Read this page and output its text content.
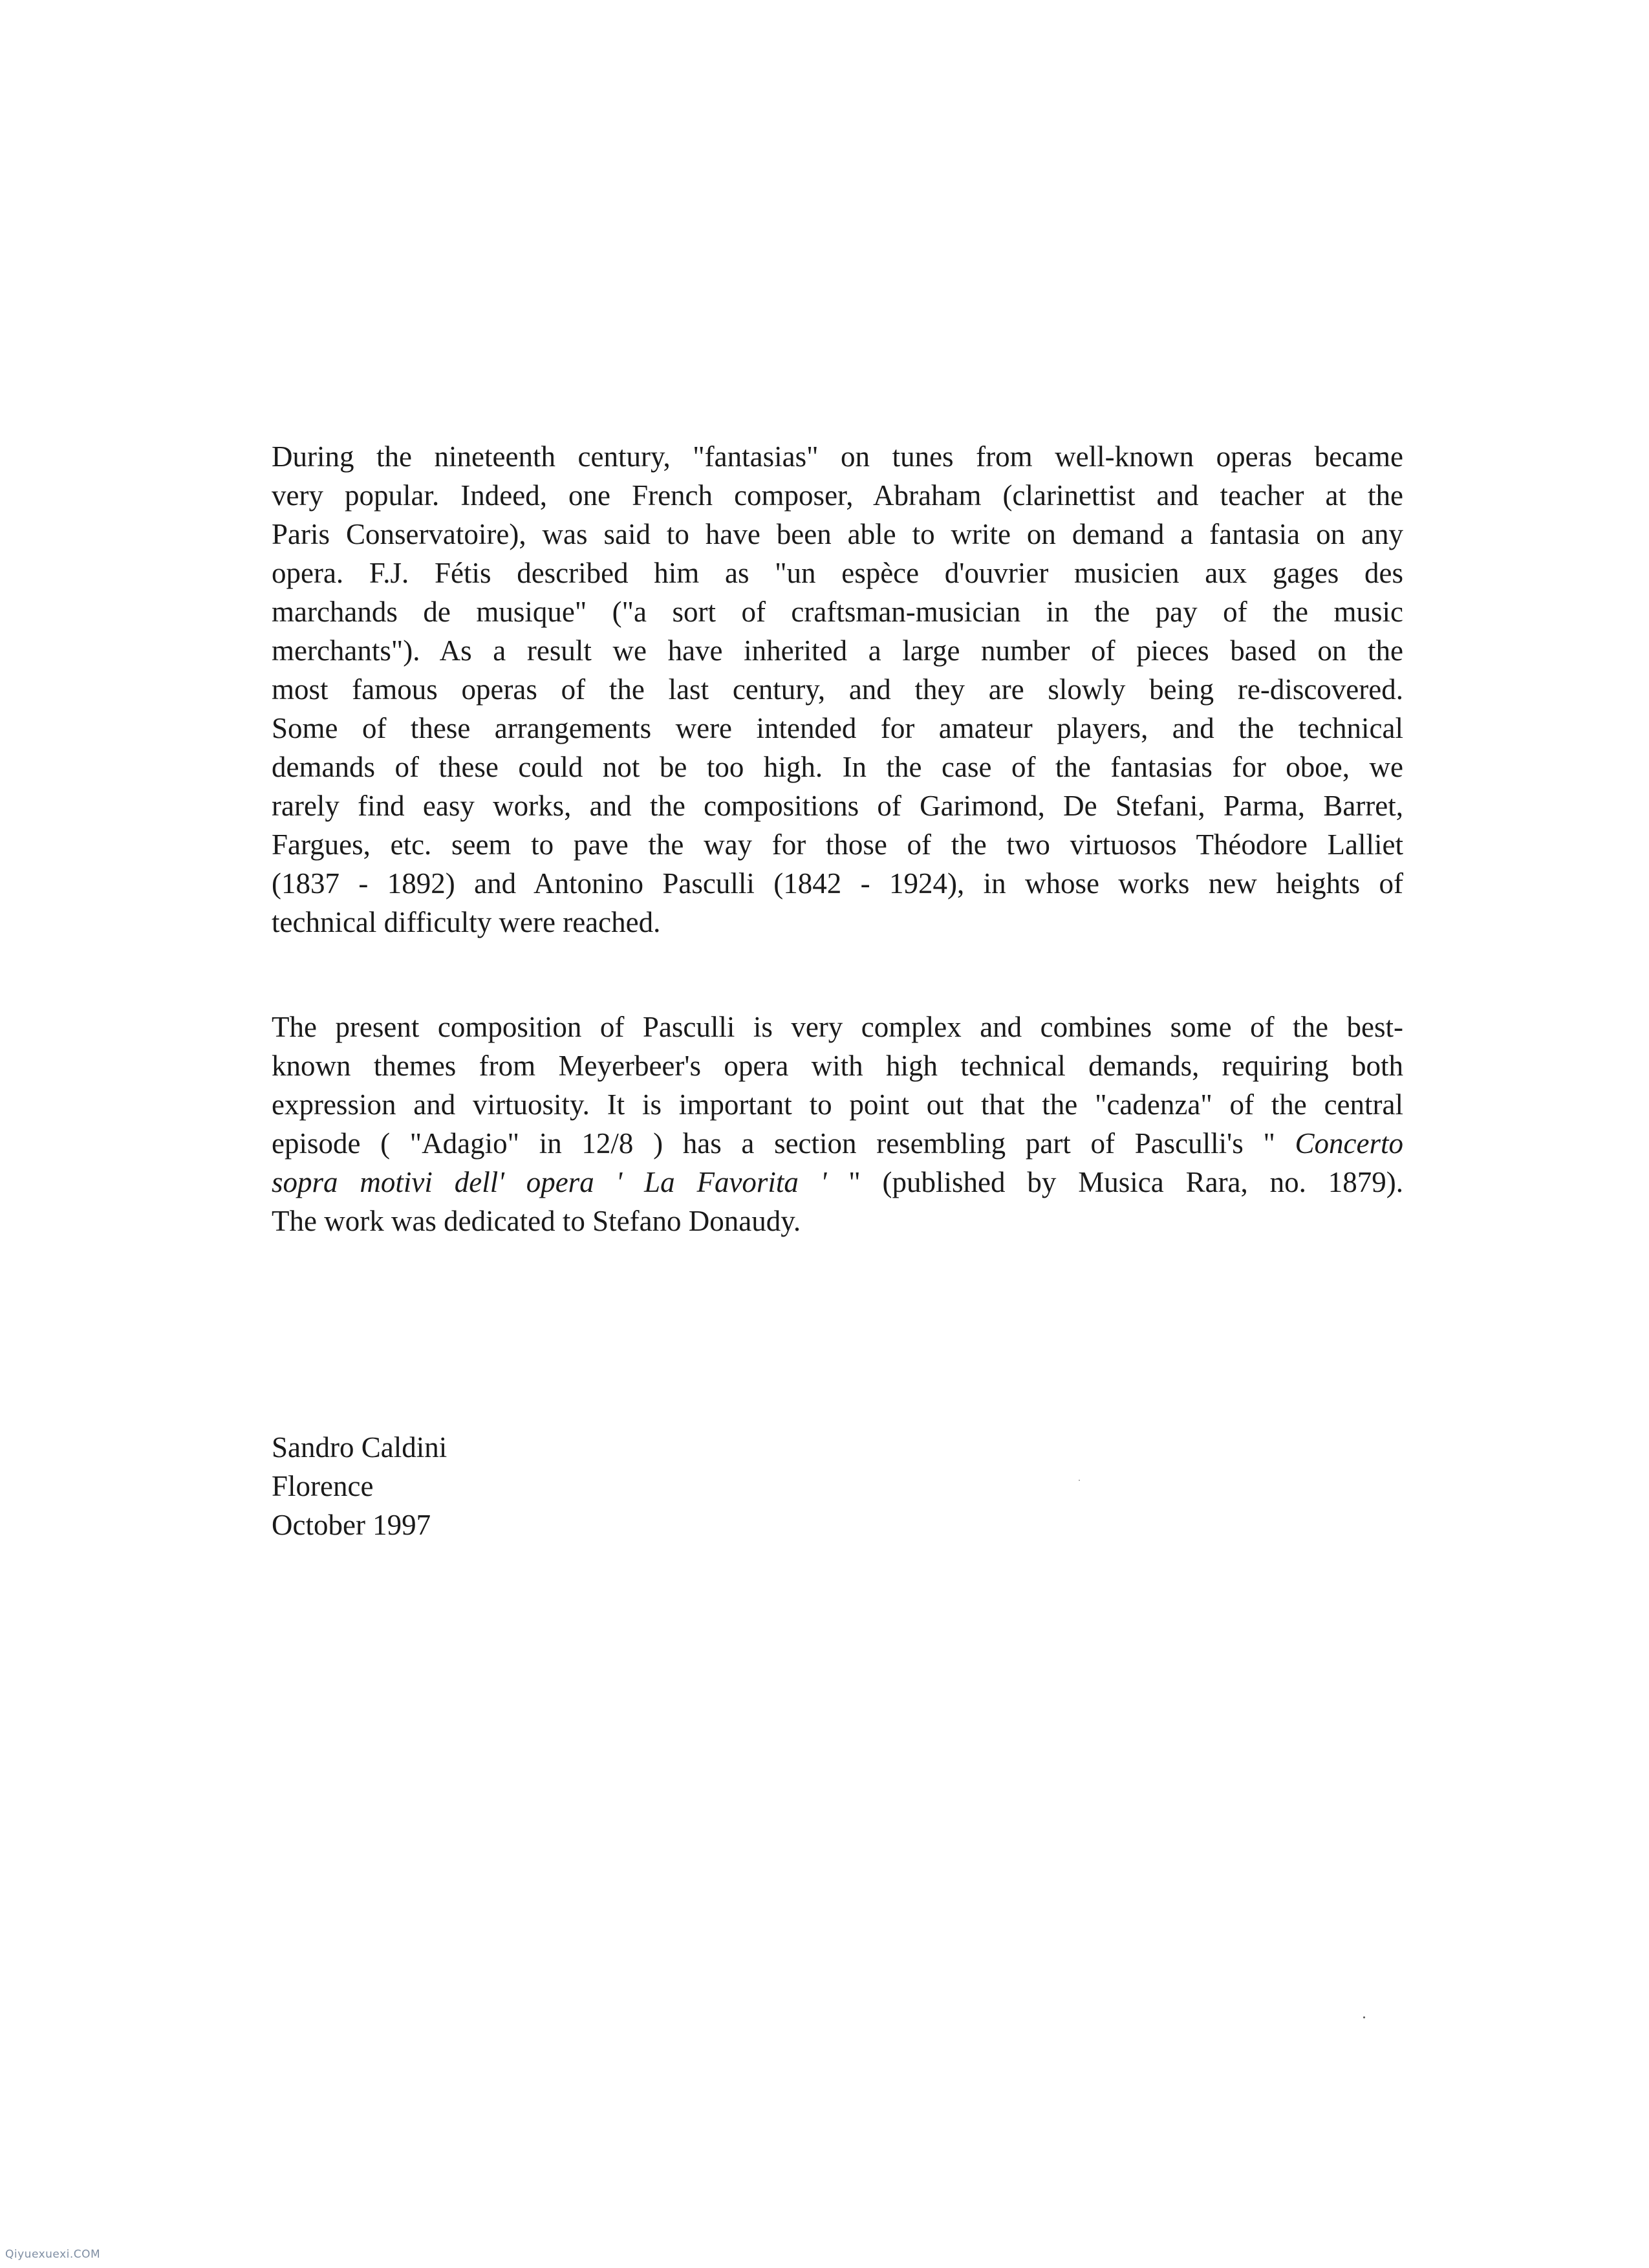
During the nineteenth century, "fantasias" on tunes from well-known operas became
very popular. Indeed, one French composer, Abraham (clarinettist and teacher at the
Paris Conservatoire), was said to have been able to write on demand a fantasia on any
opera. F.J. Fétis described him as "un espèce d'ouvrier musicien aux gages des
marchands de musique" ("a sort of craftsman-musician in the pay of the music
merchants"). As a result we have inherited a large number of pieces based on the
most famous operas of the last century, and they are slowly being re-discovered.
Some of these arrangements were intended for amateur players, and the technical
demands of these could not be too high. In the case of the fantasias for oboe, we
rarely find easy works, and the compositions of Garimond, De Stefani, Parma, Barret,
Fargues, etc. seem to pave the way for those of the two virtuosos Théodore Lalliet
(1837 - 1892) and Antonino Pasculli (1842 - 1924), in whose works new heights of
technical difficulty were reached.
The present composition of Pasculli is very complex and combines some of the best-
known themes from Meyerbeer's opera with high technical demands, requiring both
expression and virtuosity. It is important to point out that the "cadenza" of the central
episode ( "Adagio" in 12/8 ) has a section resembling part of Pasculli's " Concerto
sopra motivi dell' opera ' La Favorita ' " (published by Musica Rara, no. 1879).
The work was dedicated to Stefano Donaudy.
Sandro Caldini
Florence
October 1997
Qiyuexuexi.COM
